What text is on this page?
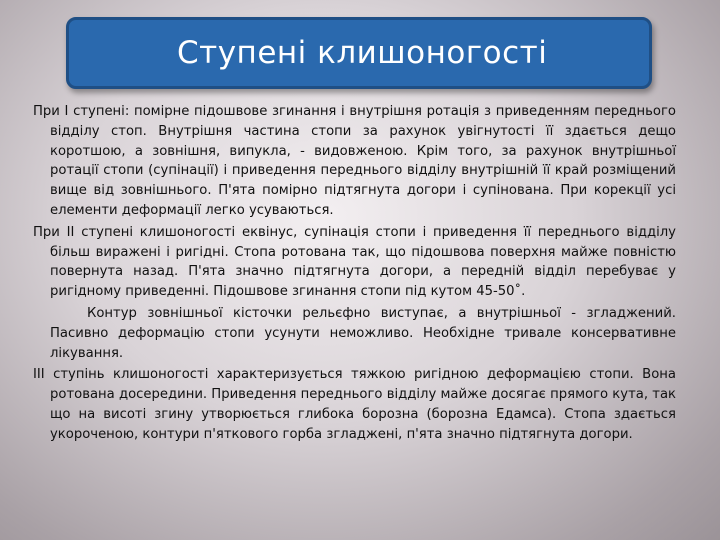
Ступені клишоногості

При І ступені: помірне підошвове згинання і внутрішня ротація з приведенням переднього відділу стоп. Внутрішня частина стопи за рахунок увігнутості її здається дещо коротшою, а зовнішня, випукла, - видовженою. Крім того, за рахунок внутрішньої ротації стопи (супінації) і приведення переднього відділу внутрішній її край розміщений вище від зовнішнього. П'ята помірно підтягнута догори і супінована. При корекції усі елементи деформації легко усуваються.

При ІІ ступені клишоногості еквінус, супінація стопи і приведення її переднього відділу більш виражені і ригідні. Стопа ротована так, що підошвова поверхня майже повністю повернута назад. П'ята значно підтягнута догори, а передній відділ перебуває у ригідному приведенні. Підошвове згинання стопи під кутом 45-50˚.

Контур зовнішньої кісточки рельєфно виступає, а внутрішньої - згладжений. Пасивно деформацію стопи усунути неможливо. Необхідне тривале консервативне лікування.

ІІІ ступінь клишоногості характеризується тяжкою ригідною деформацією стопи. Вона ротована досередини. Приведення переднього відділу майже досягає прямого кута, так що на висоті згину утворюється глибока борозна (борозна Едамса). Стопа здається укороченою, контури п'яткового горба згладжені, п'ята значно підтягнута догори.
